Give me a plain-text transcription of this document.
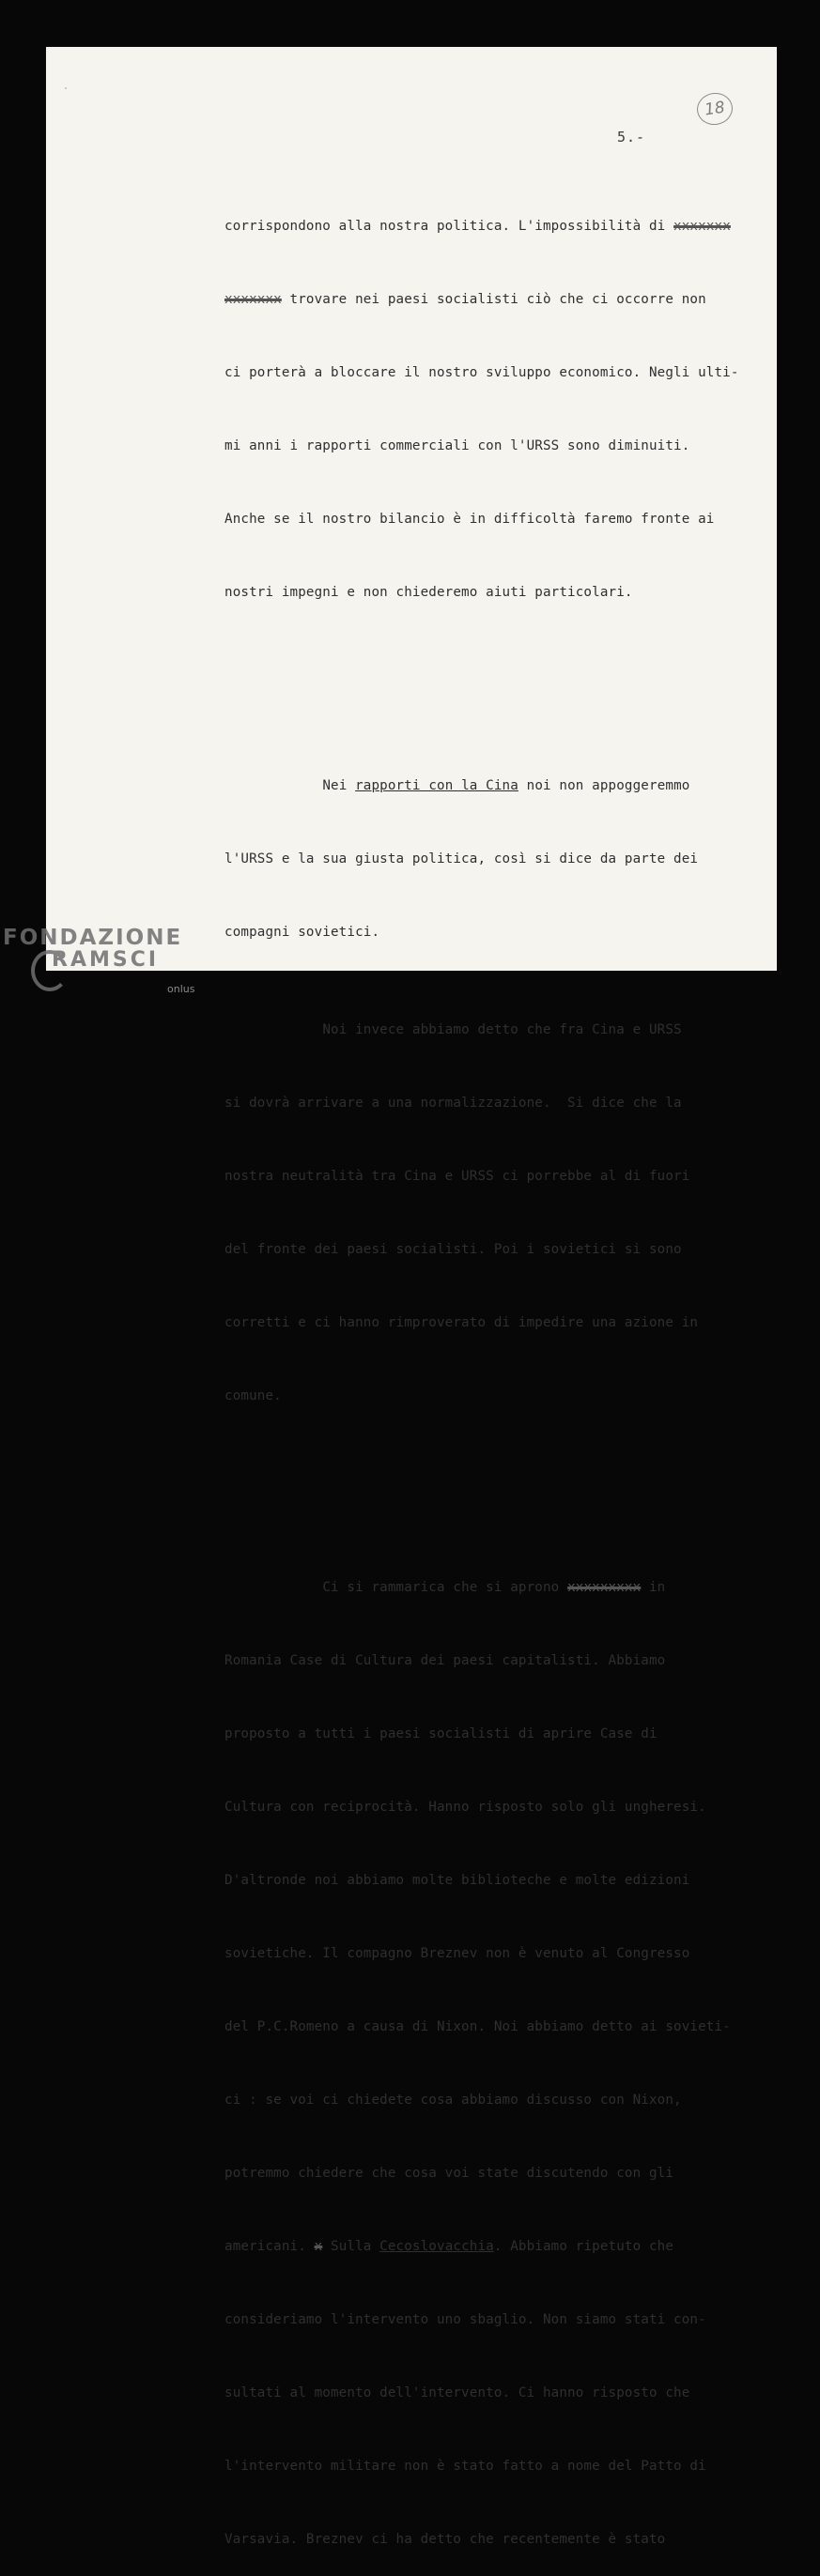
18
5.-

corrispondono alla nostra politica. L'impossibilità di xxxxxxx

xxxxxxx trovare nei paesi socialisti ciò che ci occorre non

ci porterà a bloccare il nostro sviluppo economico. Negli ulti-

mi anni i rapporti commerciali con l'URSS sono diminuiti.

Anche se il nostro bilancio è in difficoltà faremo fronte ai

nostri impegni e non chiederemo aiuti particolari.

Nei rapporti con la Cina noi non appoggeremmo

l'URSS e la sua giusta politica, così si dice da parte dei

compagni sovietici.

Noi invece abbiamo detto che fra Cina e URSS

si dovrà arrivare a una normalizzazione.  Si dice che la

nostra neutralità tra Cina e URSS ci porrebbe al di fuori

del fronte dei paesi socialisti. Poi i sovietici si sono

corretti e ci hanno rimproverato di impedire una azione in

comune.

Ci si rammarica che si aprono xxxxxxxxx in

Romania Case di Cultura dei paesi capitalisti. Abbiamo

proposto a tutti i paesi socialisti di aprire Case di

Cultura con reciprocità. Hanno risposto solo gli ungheresi.

D'altronde noi abbiamo molte biblioteche e molte edizioni

sovietiche. Il compagno Breznev non è venuto al Congresso

del P.C.Romeno a causa di Nixon. Noi abbiamo detto ai sovieti-

ci : se voi ci chiedete cosa abbiamo discusso con Nixon,

potremmo chiedere che cosa voi state discutendo con gli

americani. x Sulla Cecoslovacchia. Abbiamo ripetuto che

consideriamo l'intervento uno sbaglio. Non siamo stati con-

sultati al momento dell'intervento. Ci hanno risposto che

l'intervento militare non è stato fatto a nome del Patto di

Varsavia. Breznev ci ha detto che recentemente è stato

FONDAZIONE
RAMSCI
onlus
